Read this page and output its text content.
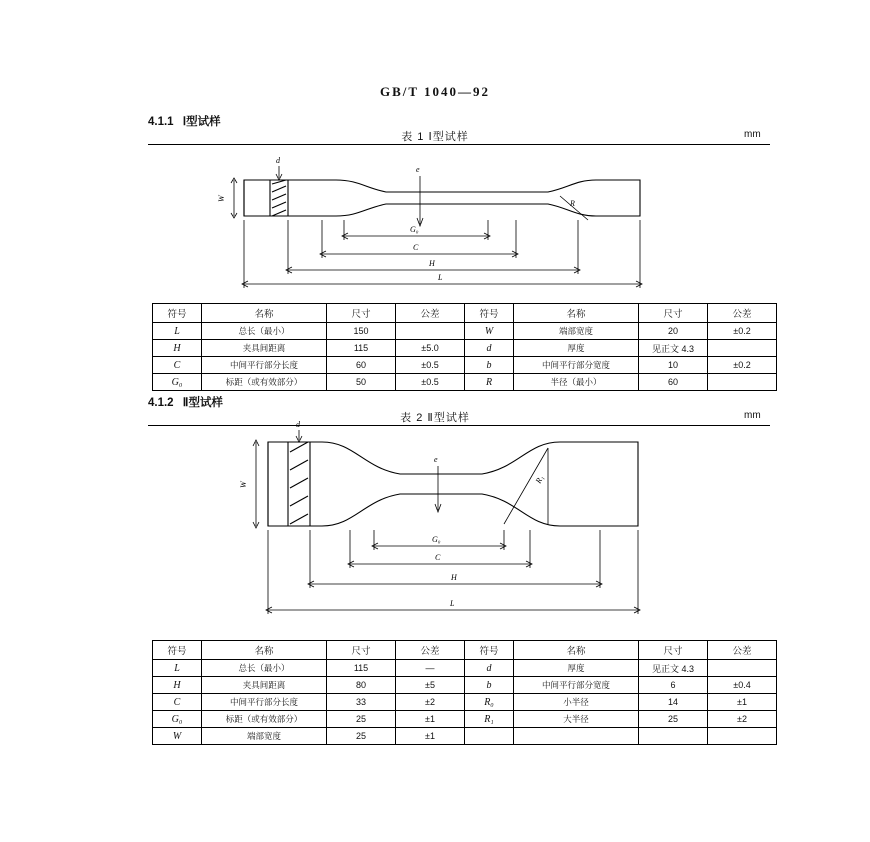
GB/T 1040—92
4.1.1 Ⅰ型试样
表 1 Ⅰ型试样	mm
d
W
e
G₀
C
H
L
R
符号	名称	尺寸	公差	符号	名称	尺寸	公差
L	总长（最小）	150		W	端部宽度	20	±0.2
H	夹具间距离	115	±5.0	d	厚度	见正文 4.3	
C	中间平行部分长度	60	±0.5	b	中间平行部分宽度	10	±0.2
G₀	标距（或有效部分）	50	±0.5	R	半径（最小）	60	
4.1.2 Ⅱ型试样
表 2 Ⅱ型试样	mm
d
W
e
G₀
C
H
L
R₁
符号	名称	尺寸	公差	符号	名称	尺寸	公差
L	总长（最小）	115	—	d	厚度	见正文 4.3	
H	夹具间距离	80	±5	b	中间平行部分宽度	6	±0.4
C	中间平行部分长度	33	±2	R₀	小半径	14	±1
G₀	标距（或有效部分）	25	±1	R₁	大半径	25	±2
W	端部宽度	25	±1				
